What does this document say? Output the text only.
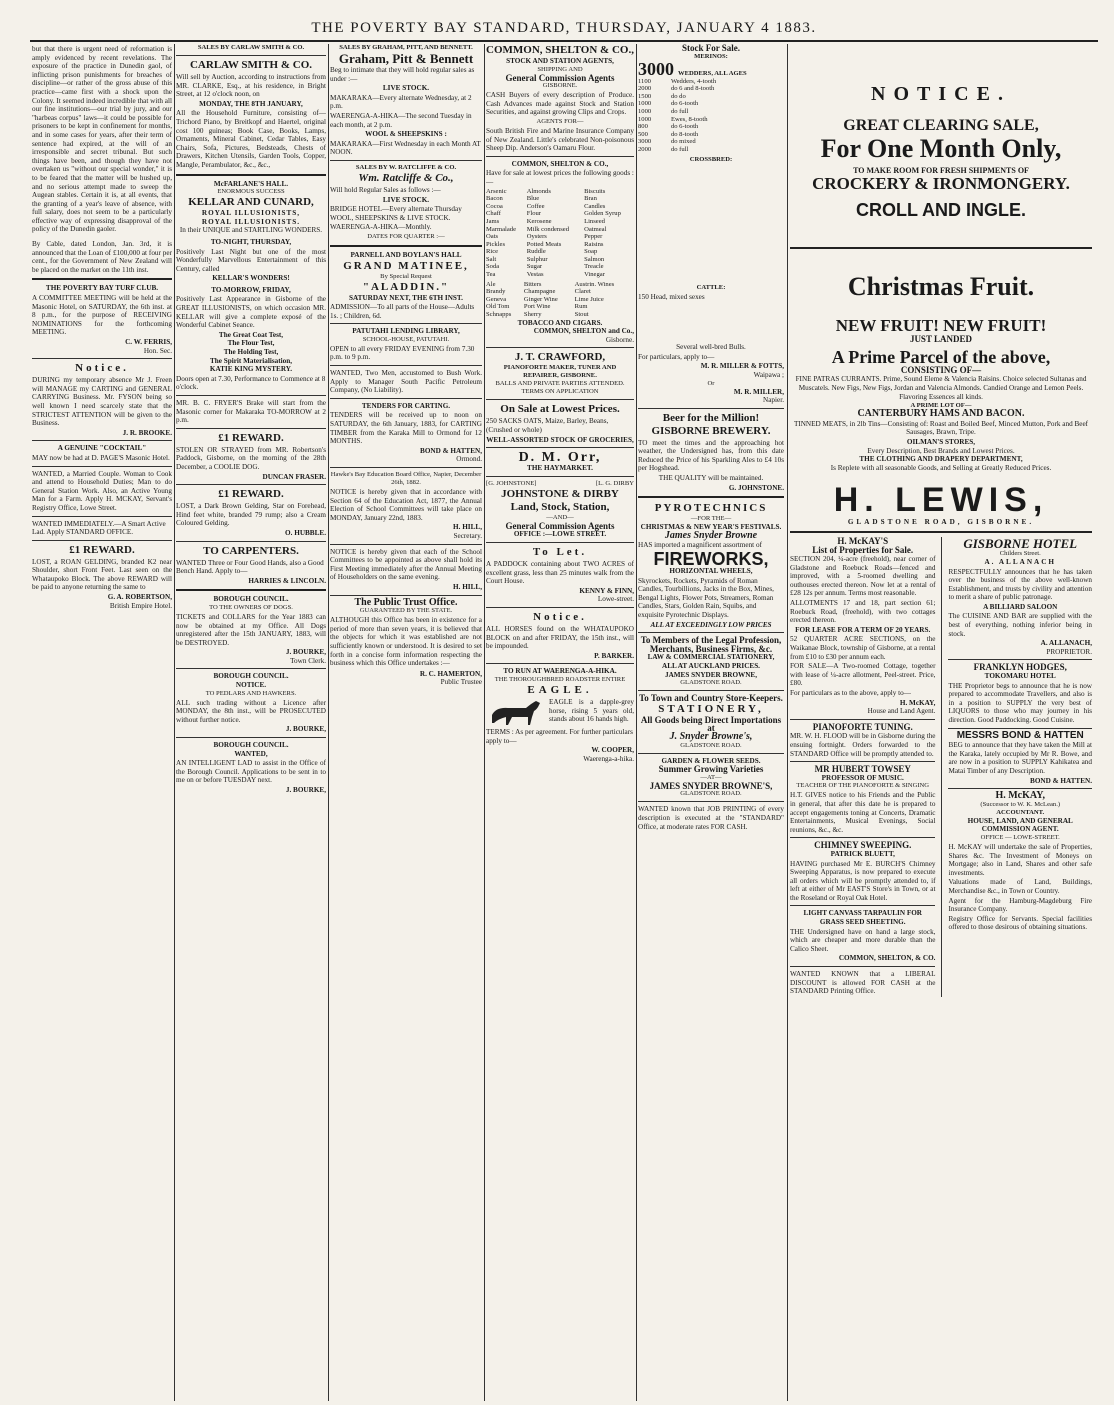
THE POVERTY BAY STANDARD, THURSDAY, JANUARY 4 1883.

but that there is urgent need of reformation is amply evidenced by recent revelations. The exposure of the practice in Dunedin gaol, of inflicting prison punishments for breaches of discipline—or rather of the gross abuse of this practice—came first with a shock upon the Colony. It seemed indeed incredible that with all our fine institutions—our trial by jury, and our "harbeas corpus" laws—it could be possible for prisoners to be kept in confinement for months, and in some cases for years, after their term of sentence had expired, at the will of an irresponsible and secret tribunal. But such things have been, and though they have not overtaken us "without our special wonder," it is to be feared that the matter will be hushed up, and no serious attempt made to sweep the Augean stables. Certain it is, at all events, that the granting of a year's leave of absence, with full salary, does not seem to be a particularly effective way of expressing disapproval of the policy of the Dunedin gaoler.

By Cable, dated London, Jan. 3rd, it is announced that the Loan of £100,000 at four per cent., for the Government of New Zealand will be placed on the market on the 11th inst.

THE POVERTY BAY TURF CLUB.

A COMMITTEE MEETING will be held at the Masonic Hotel, on SATURDAY, the 6th inst. at 8 p.m., for the purpose of RECEIVING NOMINATIONS for the forthcoming MEETING.

C. W. FERRIS,
Hon. Sec.
Notice.

DURING my temporary absence Mr J. Freen will MANAGE my CARTING and GENERAL CARRYING Business. Mr. FYSON being so well known I need scarcely state that the STRICTEST ATTENTION will be given to the Business.

J. R. BROOKE.
A GENUINE "COCKTAIL"

MAY now be had at D. PAGE'S Masonic Hotel.

WANTED, a Married Couple. Woman to Cook and attend to Household Duties; Man to do General Station Work. Also, an Active Young Man for a Farm. Apply H. MCKAY, Servant's Registry Office, Lowe Street.

WANTED IMMEDIATELY.—A Smart Active Lad. Apply STANDARD OFFICE.

£1 REWARD.

LOST, a ROAN GELDING, branded K2 near Shoulder, short Front Feet. Last seen on the Whataupoko Block. The above REWARD will be paid to anyone returning the same to

G. A. ROBERTSON,
British Empire Hotel.
SALES BY CARLAW SMITH & CO.
CARLAW SMITH & CO.

Will sell by Auction, according to instructions from MR. CLARKE, Esq., at his residence, in Bright Street, at 12 o'clock noon, on

MONDAY, THE 8TH JANUARY,

All the Household Furniture, consisting of—Trichord Piano, by Breitkopf and Haertel, original cost 100 guineas; Book Case, Books, Lamps, Ornaments, Mineral Cabinet, Cedar Tables, Easy Chairs, Sofa, Pictures, Bedsteads, Chests of Drawers, Kitchen Utensils, Garden Tools, Copper, Mangle, Perambulator, &c., &c.,

McFARLANE'S HALL.
ENORMOUS SUCCESS
KELLAR AND CUNARD,
ROYAL ILLUSIONISTS,
ROYAL ILLUSIONISTS.
In their UNIQUE and STARTLING WONDERS.
TO-NIGHT, THURSDAY,

Positively Last Night but one of the most Wonderfully Marvellous Entertainment of this Century, called

KELLAR'S WONDERS!
TO-MORROW, FRIDAY,

Positively Last Appearance in Gisborne of the GREAT ILLUSIONISTS, on which occasion MR. KELLAR will give a complete exposé of the Wonderful Cabinet Seance.

The Great Coat Test,
The Flour Test,
The Holding Test,
The Spirit Materialisation,
KATIE KING MYSTERY.

Doors open at 7.30, Performance to Commence at 8 o'clock.

MR. B. C. FRYER'S Brake will start from the Masonic corner for Makaraka TO-MORROW at 2 p.m.

£1 REWARD.

STOLEN OR STRAYED from MR. Robertson's Paddock, Gisborne, on the morning of the 28th December, a COOLIE DOG.

DUNCAN FRASER.
£1 REWARD.

LOST, a Dark Brown Gelding, Star on Forehead, Hind feet white, branded 79 rump; also a Cream Coloured Gelding.

O. HUBBLE.
TO CARPENTERS.

WANTED Three or Four Good Hands, also a Good Bench Hand. Apply to—

HARRIES & LINCOLN.
BOROUGH COUNCIL.
TO THE OWNERS OF DOGS.

TICKETS and COLLARS for the Year 1883 can now be obtained at my Office. All Dogs unregistered after the 15th JANUARY, 1883, will be DESTROYED.

J. BOURKE,
Town Clerk.
BOROUGH COUNCIL.
NOTICE.
TO PEDLARS AND HAWKERS.

ALL such trading without a Licence after MONDAY, the 8th inst., will be PROSECUTED without further notice.

J. BOURKE,
BOROUGH COUNCIL.
WANTED,

AN INTELLIGENT LAD to assist in the Office of the Borough Council. Applications to be sent in to me on or before TUESDAY next.

J. BOURKE,
SALES BY GRAHAM, PITT, AND BENNETT.
Graham, Pitt & Bennett

Beg to intimate that they will hold regular sales as under :—

LIVE STOCK.

MAKARAKA—Every alternate Wednesday, at 2 p.m.

WAERENGA-A-HIKA—The second Tuesday in each month, at 2 p.m.

WOOL & SHEEPSKINS :

MAKARAKA—First Wednesday in each Month AT NOON.

SALES BY W. RATCLIFFE & CO.
Wm. Ratcliffe & Co.,

Will hold Regular Sales as follows :—

LIVE STOCK.

BRIDGE HOTEL—Every alternate Thursday WOOL, SHEEPSKINS & LIVE STOCK.

WAERENGA-A-HIKA—Monthly.

DATES FOR QUARTER :—
PARNELL AND BOYLAN'S HALL
GRAND MATINEE,
By Special Request
"ALADDIN."
SATURDAY NEXT, THE 6TH INST.

ADMISSION—To all parts of the House—Adults 1s. ; Children, 6d.

PATUTAHI LENDING LIBRARY,
SCHOOL-HOUSE, PATUTAHI.

OPEN to all every FRIDAY EVENING from 7.30 p.m. to 9 p.m.

WANTED, Two Men, accustomed to Bush Work. Apply to Manager South Pacific Petroleum Company, (No Liability).

TENDERS FOR CARTING.

TENDERS will be received up to noon on SATURDAY, the 6th January, 1883, for CARTING TIMBER from the Karaka Mill to Ormond for 12 MONTHS.

BOND & HATTEN,
Ormond.
Hawke's Bay Education Board Office, Napier, December 26th, 1882.

NOTICE is hereby given that in accordance with Section 64 of the Education Act, 1877, the Annual Election of School Committees will take place on MONDAY, January 22nd, 1883.

H. HILL,
Secretary.

NOTICE is hereby given that each of the School Committees to be appointed as above shall hold its First Meeting immediately after the Annual Meeting of Householders on the same evening.

H. HILL,
The Public Trust Office.
GUARANTEED BY THE STATE.

ALTHOUGH this Office has been in existence for a period of more than seven years, it is believed that the objects for which it was established are not sufficiently known or understood. It is desired to set forth in a concise form information respecting the business which this Office undertakes :—

R. C. HAMERTON,
Public Trustee
COMMON, SHELTON & CO.,
STOCK AND STATION AGENTS,
SHIPPING AND
General Commission Agents
GISBORNE.

CASH Buyers of every description of Produce. Cash Advances made against Stock and Station Securities, and against growing Clips and Crops.

AGENTS FOR—

South British Fire and Marine Insurance Company of New Zealand. Little's celebrated Non-poisonous Sheep Dip. Anderson's Oamaru Flour.

COMMON, SHELTON & CO.,

Have for sale at lowest prices the following goods :—

Arsenic	Almonds	Biscuits
Bacon	Blue	Bran
Cocoa	Coffee	Candles
Chaff	Flour	Golden Syrup
Jams	Kerosene	Linseed
Marmalade	Milk condensed	Oatmeal
Oats	Oysters	Pepper
Pickles	Potted Meats	Raisins
Rice	Ruddle	Soap
Salt	Sulphur	Salmon
Soda	Sugar	Treacle
Tea	Vestas	Vinegar
Ale	Bitters	Austrin. Wines
Brandy	Champagne	Claret
Geneva	Ginger Wine	Lime Juice
Old Tom	Port Wine	Rum
Schnapps	Sherry	Stout
TOBACCO AND CIGARS.
COMMON, SHELTON and Co.,
Gisborne.
J. T. CRAWFORD,
PIANOFORTE MAKER, TUNER AND REPAIRER, GISBORNE.
BALLS AND PRIVATE PARTIES ATTENDED.
TERMS ON APPLICATION
On Sale at Lowest Prices.

250 SACKS OATS, Maize, Barley, Beans, (Crushed or whole)

WELL-ASSORTED STOCK OF GROCERIES,
D. M. Orr,
THE HAYMARKET.
[G. JOHNSTONE]	[L. G. DIRBY
JOHNSTONE & DIRBY
Land, Stock, Station,
—AND—
General Commission Agents
OFFICE :—LOWE STREET.
To Let.

A PADDOCK containing about TWO ACRES of excellent grass, less than 25 minutes walk from the Court House.

KENNY & FINN,
Lowe-street.
Notice.

ALL HORSES found on the WHATAUPOKO BLOCK on and after FRIDAY, the 15th inst., will be impounded.

P. BARKER.
TO RUN AT WAERENGA-A-HIKA.
THE THOROUGHBRED ROADSTER ENTIRE
EAGLE.

EAGLE is a dapple-grey horse, rising 5 years old, stands about 16 hands high.

TERMS : As per agreement. For further particulars apply to—

W. COOPER,
Waerenga-a-hika.
Stock For Sale.
MERINOS:
3000 WEDDERS, ALL AGES
1100	Wedders, 4-tooth
2000	do 6 and 8-tooth
1500	do do
1000	do 6-tooth
1000	do full
1000	Ewes, 8-tooth
800	do 6-tooth
500	do 8-tooth
3000	do mixed
2000	do full
CROSSBRED:
CATTLE:

150 Head, mixed sexes

Several well-bred Bulls.

For particulars, apply to—

M. R. MILLER & FOTTS,
Waipawa ;
Or
M. R. MILLER,
Napier.
Beer for the Million!
GISBORNE BREWERY.

TO meet the times and the approaching hot weather, the Undersigned has, from this date Reduced the Price of his Sparkling Ales to £4 10s per Hogshead.

THE QUALITY will be maintained.

G. JOHNSTONE.
PYROTECHNICS
—FOR THE—
CHRISTMAS & NEW YEAR'S FESTIVALS.
James Snyder Browne

HAS imported a magnificent assortment of

FIREWORKS,
HORIZONTAL WHEELS,

Skyrockets, Rockets, Pyramids of Roman Candles, Tourbillions, Jacks in the Box, Mines, Bengal Lights, Flower Pots, Streamers, Roman Candles, Stars, Golden Rain, Squibs, and exquisite Pyrotechnic Displays.

ALL AT EXCEEDINGLY LOW PRICES
To Members of the Legal Profession, Merchants, Business Firms, &c.
LAW & COMMERCIAL STATIONERY,
ALL AT AUCKLAND PRICES.
JAMES SNYDER BROWNE,
GLADSTONE ROAD.
To Town and Country Store-Keepers.
STATIONERY,
All Goods being Direct Importations at
J. Snyder Browne's,
GLADSTONE ROAD.
GARDEN & FLOWER SEEDS.
Summer Growing Varieties
—AT—
JAMES SNYDER BROWNE'S,
GLADSTONE ROAD.

WANTED known that JOB PRINTING of every description is executed at the "STANDARD" Office, at moderate rates FOR CASH.

NOTICE.
GREAT CLEARING SALE,
For One Month Only,
TO MAKE ROOM FOR FRESH SHIPMENTS OF
CROCKERY & IRONMONGERY.
CROLL AND INGLE.
Christmas Fruit.
NEW FRUIT! NEW FRUIT!
JUST LANDED
A Prime Parcel of the above,
CONSISTING OF—

FINE PATRAS CURRANTS. Prime, Sound Eleme & Valencia Raisins. Choice selected Sultanas and Muscatels. New Figs, New Figs, Jordan and Valencia Almonds. Candied Orange and Lemon Peels. Flavoring Essences all kinds.

A PRIME LOT OF—
CANTERBURY HAMS AND BACON.

TINNED MEATS, in 2lb Tins—Consisting of: Roast and Boiled Beef, Minced Mutton, Pork and Beef Sausages, Brawn, Tripe.

OILMAN'S STORES,
Every Description, Best Brands and Lowest Prices.
THE CLOTHING AND DRAPERY DEPARTMENT,
Is Replete with all seasonable Goods, and Selling at Greatly Reduced Prices.
H. LEWIS,
GLADSTONE ROAD, GISBORNE.
H. McKAY'S
List of Properties for Sale.

SECTION 204, ¼-acre (freehold), near corner of Gladstone and Roebuck Roads—fenced and improved, with a 5-roomed dwelling and outhouses erected thereon. Now let at a rental of £28 12s per annum. Terms most reasonable.

ALLOTMENTS 17 and 18, part section 61; Roebuck Road, (freehold), with two cottages erected thereon.

FOR LEASE FOR A TERM OF 20 YEARS.

52 QUARTER ACRE SECTIONS, on the Waikanae Block, township of Gisborne, at a rental from £10 to £30 per annum each.

FOR SALE—A Two-roomed Cottage, together with lease of ¼-acre allotment, Peel-street. Price, £80.

For particulars as to the above, apply to—

H. McKAY,
House and Land Agent.
PIANOFORTE TUNING.

MR. W. H. FLOOD will be in Gisborne during the ensuing fortnight. Orders forwarded to the STANDARD Office will be promptly attended to.

MR HUBERT TOWSEY
PROFESSOR OF MUSIC.
TEACHER OF THE PIANOFORTE & SINGING

H.T. GIVES notice to his Friends and the Public in general, that after this date he is prepared to accept engagements toning at Concerts, Dramatic Entertainments, Musical Evenings, Social reunions, &c., &c.

CHIMNEY SWEEPING.
PATRICK BLUETT,

HAVING purchased Mr E. BURCH'S Chimney Sweeping Apparatus, is now prepared to execute all orders which will be promptly attended to, if left at either of Mr EAST'S Store's in Town, or at the Roseland or Royal Oak Hotel.

LIGHT CANVASS TARPAULIN FOR
GRASS SEED SHEETING.

THE Undersigned have on hand a large stock, which are cheaper and more durable than the Calico Sheet.

COMMON, SHELTON, & CO.

WANTED KNOWN that a LIBERAL DISCOUNT is allowed FOR CASH at the STANDARD Printing Office.

GISBORNE HOTEL
Childers Street.
A. ALLANACH

RESPECTFULLY announces that he has taken over the business of the above well-known Establishment, and trusts by civility and attention to merit a share of public patronage.

A BILLIARD SALOON

The CUISINE AND BAR are supplied with the best of everything, nothing inferior being in stock.

A. ALLANACH,
PROPRIETOR.
FRANKLYN HODGES,
TOKOMARU HOTEL

THE Proprietor begs to announce that he is now prepared to accommodate Travellers, and also is in a position to SUPPLY the very best of LIQUORS to those who may journey in his direction. Good Paddocking. Good Cuisine.

MESSRS BOND & HATTEN

BEG to announce that they have taken the Mill at the Karaka, lately occupied by Mr R. Bowe, and are now in a position to SUPPLY Kahikatea and Matai Timber of any Description.

BOND & HATTEN.
H. McKAY,
(Successor to W. K. McLean.)
ACCOUNTANT.
HOUSE, LAND, AND GENERAL COMMISSION AGENT.
OFFICE — LOWE-STREET.

H. McKAY will undertake the sale of Properties, Shares &c. The Investment of Moneys on Mortgage; also in Land, Shares and other safe investments.

Valuations made of Land, Buildings, Merchandise &c., in Town or Country.

Agent for the Hamburg-Magdeburg Fire Insurance Company.

Registry Office for Servants. Special facilities offered to those desirous of obtaining situations.
